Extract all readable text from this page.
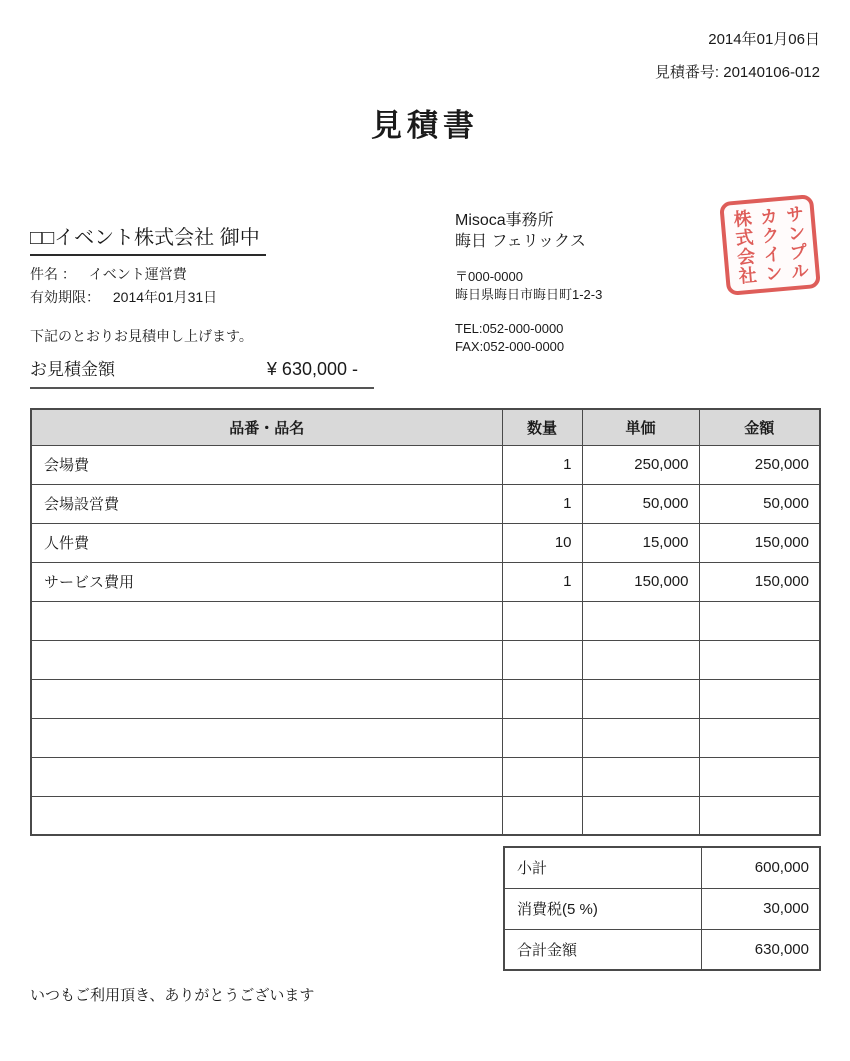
2014年01月06日
見積番号: 20140106-012
見積書
□□イベント株式会社 御中
件名 ： イベント運営費
有効期限： 2014年01月31日
下記のとおりお見積申し上げます。
お見積金額	¥ 630,000 -
Misoca事務所
晦日 フェリックス
〒000-0000
晦日県晦日市晦日町1-2-3
TEL:052-000-0000
FAX:052-000-0000
サンプル
カクイン
株式会社
品番・品名	数量	単価	金額
会場費	1	250,000	250,000
会場設営費	1	50,000	50,000
人件費	10	15,000	150,000
サービス費用	1	150,000	150,000

小計	600,000
消費税(5 %)	30,000
合計金額	630,000
いつもご利用頂き、ありがとうございます
